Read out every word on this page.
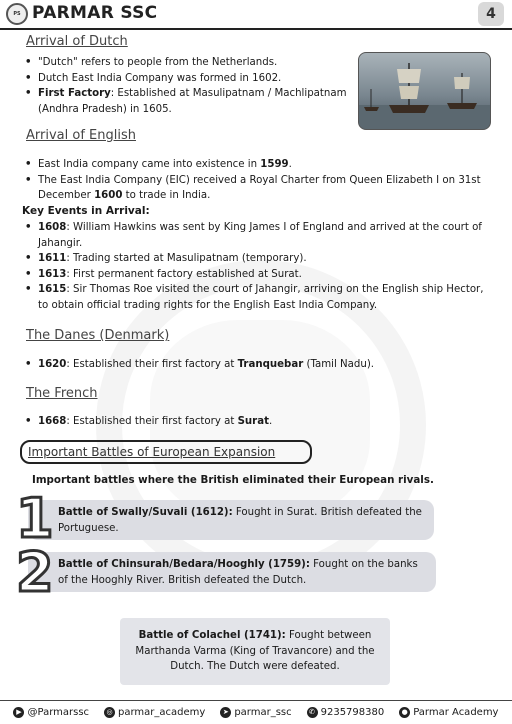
PS PARMAR SSC	4
Arrival of Dutch
• "Dutch" refers to people from the Netherlands.
• Dutch East India Company was formed in 1602.
• First Factory: Established at Masulipatnam / Machlipatnam (Andhra Pradesh) in 1605.
Arrival of English
• East India company came into existence in 1599.
• The East India Company (EIC) received a Royal Charter from Queen Elizabeth I on 31st December 1600 to trade in India.
Key Events in Arrival:
• 1608: William Hawkins was sent by King James I of England and arrived at the court of Jahangir.
• 1611: Trading started at Masulipatnam (temporary).
• 1613: First permanent factory established at Surat.
• 1615: Sir Thomas Roe visited the court of Jahangir, arriving on the English ship Hector, to obtain official trading rights for the English East India Company.
The Danes (Denmark)
• 1620: Established their first factory at Tranquebar (Tamil Nadu).
The French
• 1668: Established their first factory at Surat.
Important Battles of European Expansion
Important battles where the British eliminated their European rivals.
Battle of Swally/Suvali (1612): Fought in Surat. British defeated the Portuguese.
1
Battle of Chinsurah/Bedara/Hooghly (1759): Fought on the banks of the Hooghly River. British defeated the Dutch.
2
Battle of Colachel (1741): Fought between Marthanda Varma (King of Travancore) and the Dutch. The Dutch were defeated.
▶ @Parmarssc	◎ parmar_academy	➤ parmar_ssc	✆ 9235798380	● Parmar Academy
